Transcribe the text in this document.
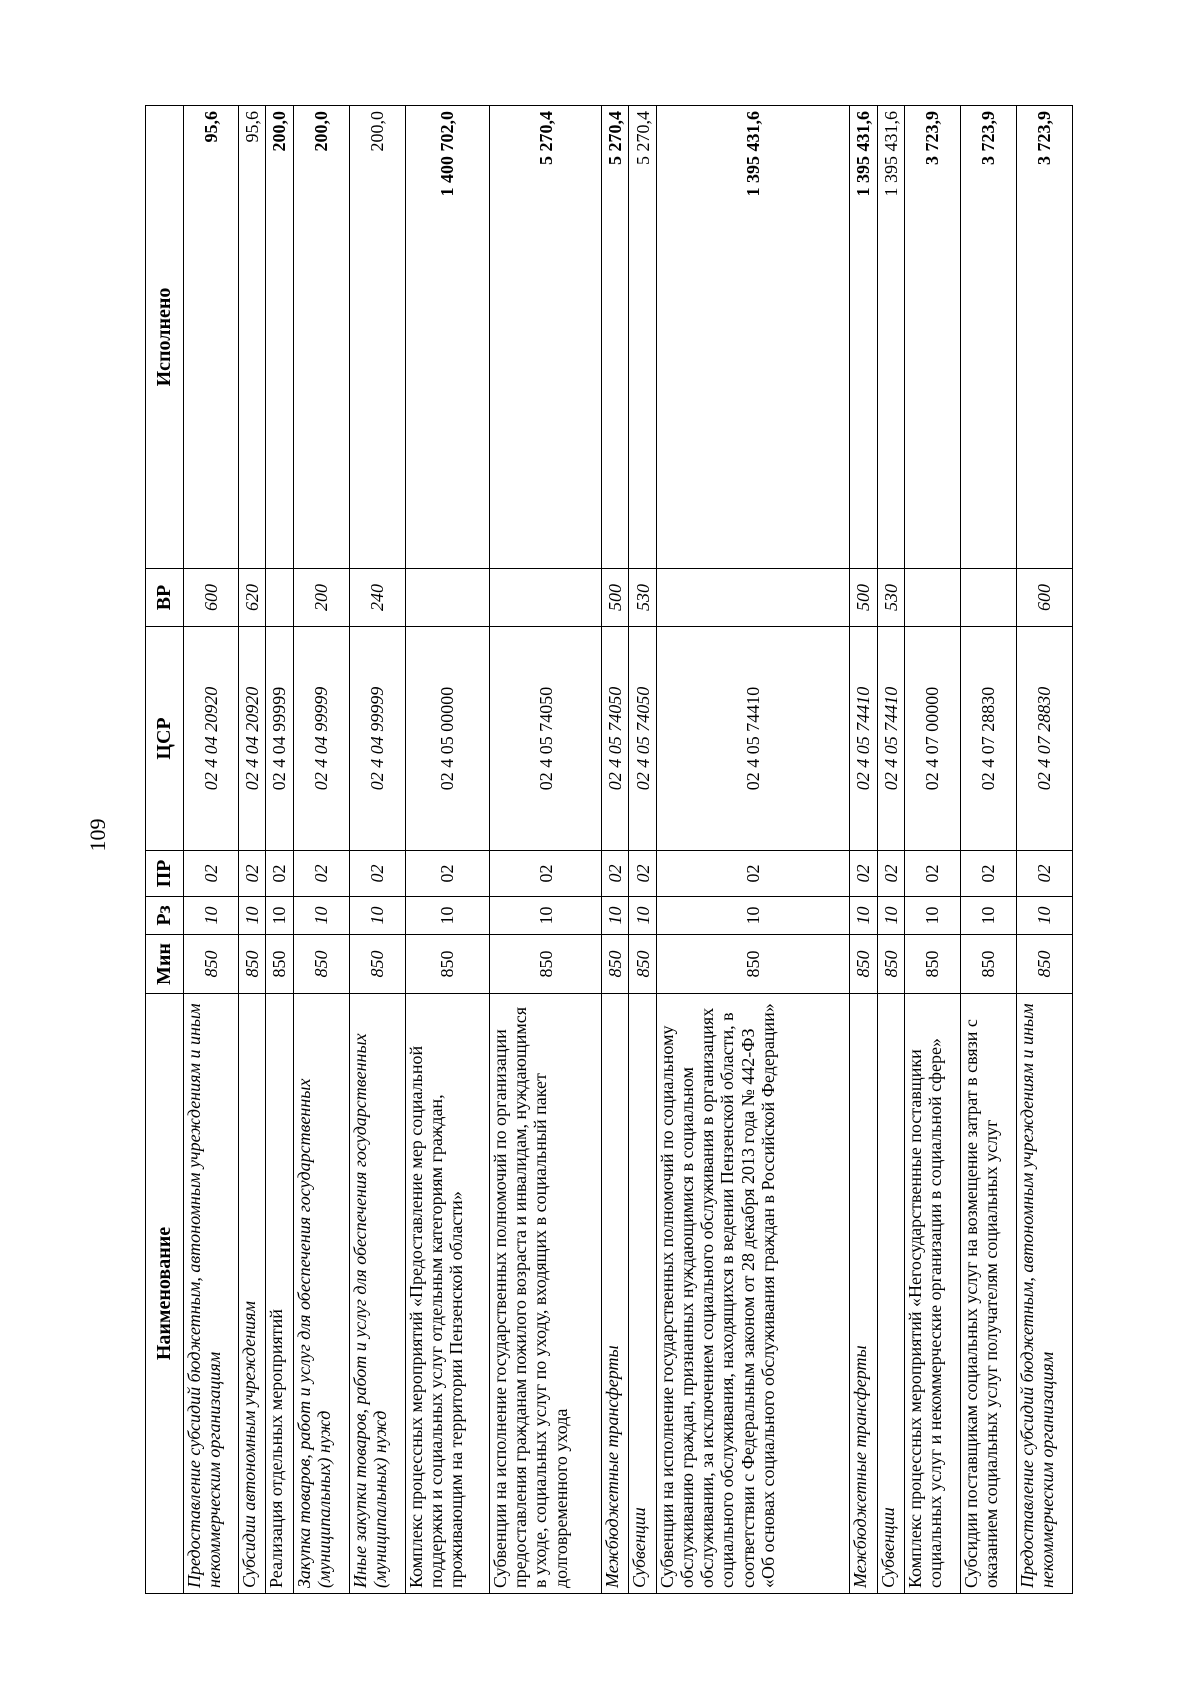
109
Наименование	Мин	Рз	ПР	ЦСР	ВР	Исполнено
Предоставление субсидий бюджетным, автономным учреждениям и иным некоммерческим организациям	850	10	02	02 4 04 20920	600	95,6
Субсидии автономным учреждениям	850	10	02	02 4 04 20920	620	95,6
Реализация отдельных мероприятий	850	10	02	02 4 04 99999		200,0
Закупка товаров, работ и услуг для обеспечения государственных (муниципальных) нужд	850	10	02	02 4 04 99999	200	200,0
Иные закупки товаров, работ и услуг для обеспечения государственных (муниципальных) нужд	850	10	02	02 4 04 99999	240	200,0
Комплекс процессных мероприятий «Предоставление мер социальной поддержки и социальных услуг отдельным категориям граждан, проживающим на территории Пензенской области»	850	10	02	02 4 05 00000		1 400 702,0
Субвенции на исполнение государственных полномочий по организации предоставления гражданам пожилого возраста и инвалидам, нуждающимся в уходе, социальных услуг по уходу, входящих в социальный пакет долговременного ухода	850	10	02	02 4 05 74050		5 270,4
Межбюджетные трансферты	850	10	02	02 4 05 74050	500	5 270,4
Субвенции	850	10	02	02 4 05 74050	530	5 270,4
Субвенции на исполнение государственных полномочий по социальному обслуживанию граждан, признанных нуждающимися в социальном обслуживании, за исключением социального обслуживания в организациях социального обслуживания, находящихся в ведении Пензенской области, в соответствии с Федеральным законом от 28 декабря 2013 года № 442-ФЗ «Об основах социального обслуживания граждан в Российской Федерации»	850	10	02	02 4 05 74410		1 395 431,6
Межбюджетные трансферты	850	10	02	02 4 05 74410	500	1 395 431,6
Субвенции	850	10	02	02 4 05 74410	530	1 395 431,6
Комплекс процессных мероприятий «Негосударственные поставщики социальных услуг и некоммерческие организации в социальной сфере»	850	10	02	02 4 07 00000		3 723,9
Субсидии поставщикам социальных услуг на возмещение затрат в связи с оказанием социальных услуг получателям социальных услуг	850	10	02	02 4 07 28830		3 723,9
Предоставление субсидий бюджетным, автономным учреждениям и иным некоммерческим организациям	850	10	02	02 4 07 28830	600	3 723,9
